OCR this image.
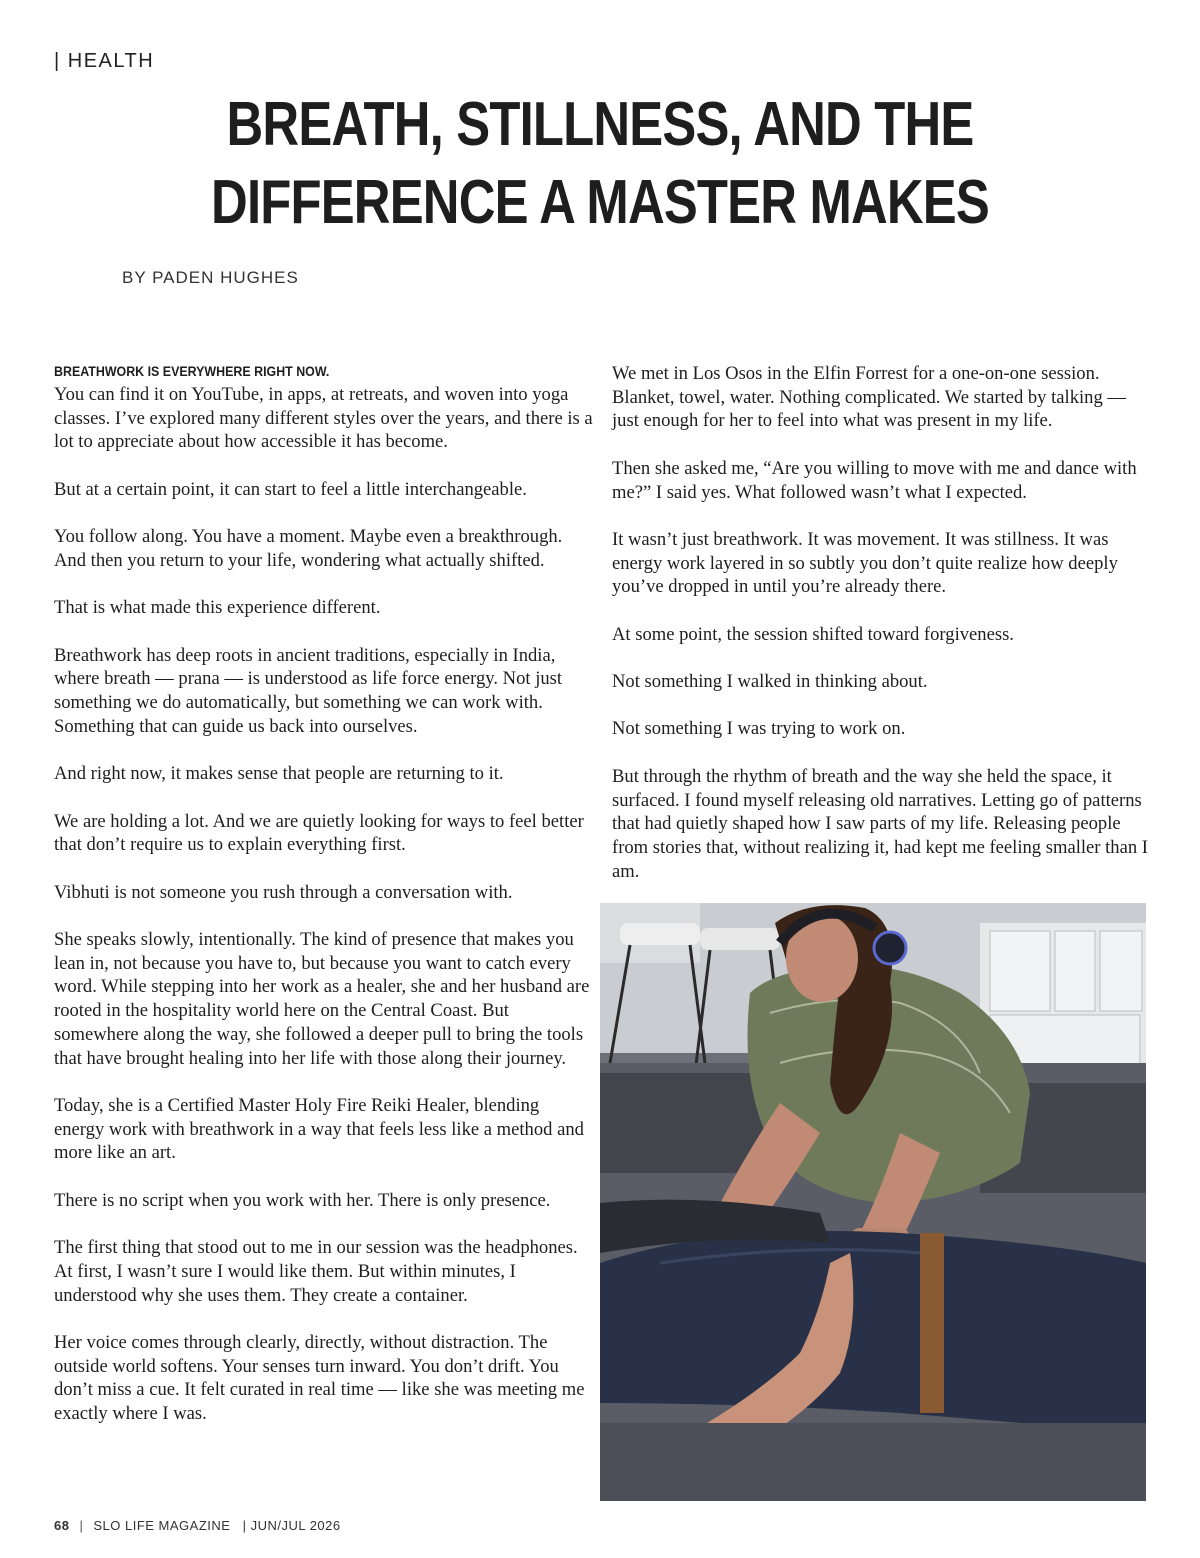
| HEALTH
BREATH, STILLNESS, AND THE
DIFFERENCE A MASTER MAKES
BY PADEN HUGHES
BREATHWORK IS EVERYWHERE RIGHT NOW.

You can find it on YouTube, in apps, at retreats, and woven into yoga classes. I’ve explored many different styles over the years, and there is a lot to appreciate about how accessible it has become.

But at a certain point, it can start to feel a little interchangeable.

You follow along. You have a moment. Maybe even a breakthrough. And then you return to your life, wondering what actually shifted.

That is what made this experience different.

Breathwork has deep roots in ancient traditions, especially in India, where breath — prana — is understood as life force energy. Not just something we do automatically, but something we can work with. Something that can guide us back into ourselves.

And right now, it makes sense that people are returning to it.

We are holding a lot. And we are quietly looking for ways to feel better that don’t require us to explain everything first.

Vibhuti is not someone you rush through a conversation with.

She speaks slowly, intentionally. The kind of presence that makes you lean in, not because you have to, but because you want to catch every word. While stepping into her work as a healer, she and her husband are rooted in the hospitality world here on the Central Coast. But somewhere along the way, she followed a deeper pull to bring the tools that have brought healing into her life with those along their journey.

Today, she is a Certified Master Holy Fire Reiki Healer, blending energy work with breathwork in a way that feels less like a method and more like an art.

There is no script when you work with her. There is only presence.

The first thing that stood out to me in our session was the headphones. At first, I wasn’t sure I would like them. But within minutes, I understood why she uses them. They create a container.

Her voice comes through clearly, directly, without distraction. The outside world softens. Your senses turn inward. You don’t drift. You don’t miss a cue. It felt curated in real time — like she was meeting me exactly where I was.

We met in Los Osos in the Elfin Forrest for a one-on-one session. Blanket, towel, water. Nothing complicated. We started by talking — just enough for her to feel into what was present in my life.

Then she asked me, “Are you willing to move with me and dance with me?” I said yes. What followed wasn’t what I expected.

It wasn’t just breathwork. It was movement. It was stillness. It was energy work layered in so subtly you don’t quite realize how deeply you’ve dropped in until you’re already there.

At some point, the session shifted toward forgiveness.

Not something I walked in thinking about.

Not something I was trying to work on.

But through the rhythm of breath and the way she held the space, it surfaced. I found myself releasing old narratives. Letting go of patterns that had quietly shaped how I saw parts of my life. Releasing people from stories that, without realizing it, had kept me feeling smaller than I am.

68 | SLO LIFE MAGAZINE | JUN/JUL 2026
